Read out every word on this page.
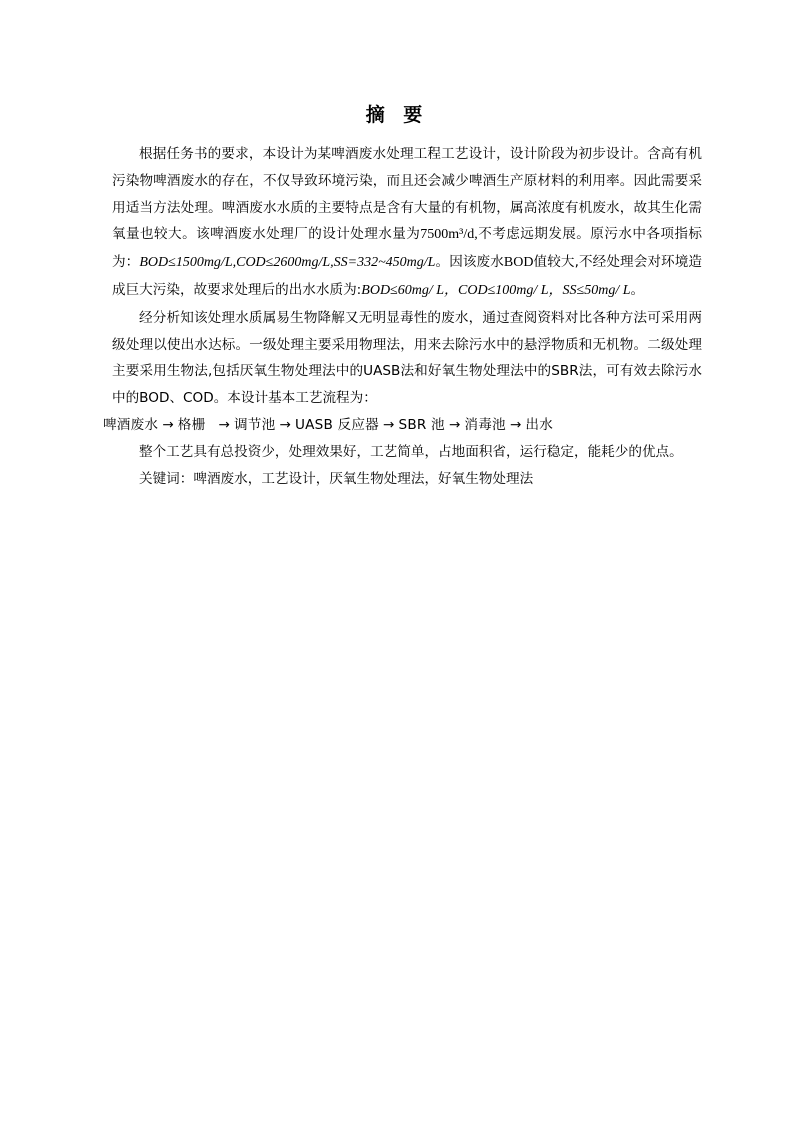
摘 要

根据任务书的要求，本设计为某啤酒废水处理工程工艺设计，设计阶段为初步设计。含高有机污染物啤酒废水的存在，不仅导致环境污染，而且还会减少啤酒生产原材料的利用率。因此需要采用适当方法处理。啤酒废水水质的主要特点是含有大量的有机物，属高浓度有机废水，故其生化需氧量也较大。该啤酒废水处理厂的设计处理水量为7500m³/d,不考虑远期发展。原污水中各项指标为：BOD≤1500mg/L,COD≤2600mg/L,SS=332~450mg/L。因该废水BOD值较大,不经处理会对环境造成巨大污染，故要求处理后的出水水质为:BOD≤60mg/ L，COD≤100mg/ L，SS≤50mg/ L。

经分析知该处理水质属易生物降解又无明显毒性的废水，通过查阅资料对比各种方法可采用两级处理以使出水达标。一级处理主要采用物理法，用来去除污水中的悬浮物质和无机物。二级处理主要采用生物法,包括厌氧生物处理法中的UASB法和好氧生物处理法中的SBR法，可有效去除污水中的BOD、COD。本设计基本工艺流程为：

啤酒废水 → 格栅 → 调节池 → UASB 反应器 → SBR 池 → 消毒池 → 出水

整个工艺具有总投资少，处理效果好，工艺简单，占地面积省，运行稳定，能耗少的优点。

关键词：啤酒废水，工艺设计，厌氧生物处理法，好氧生物处理法
